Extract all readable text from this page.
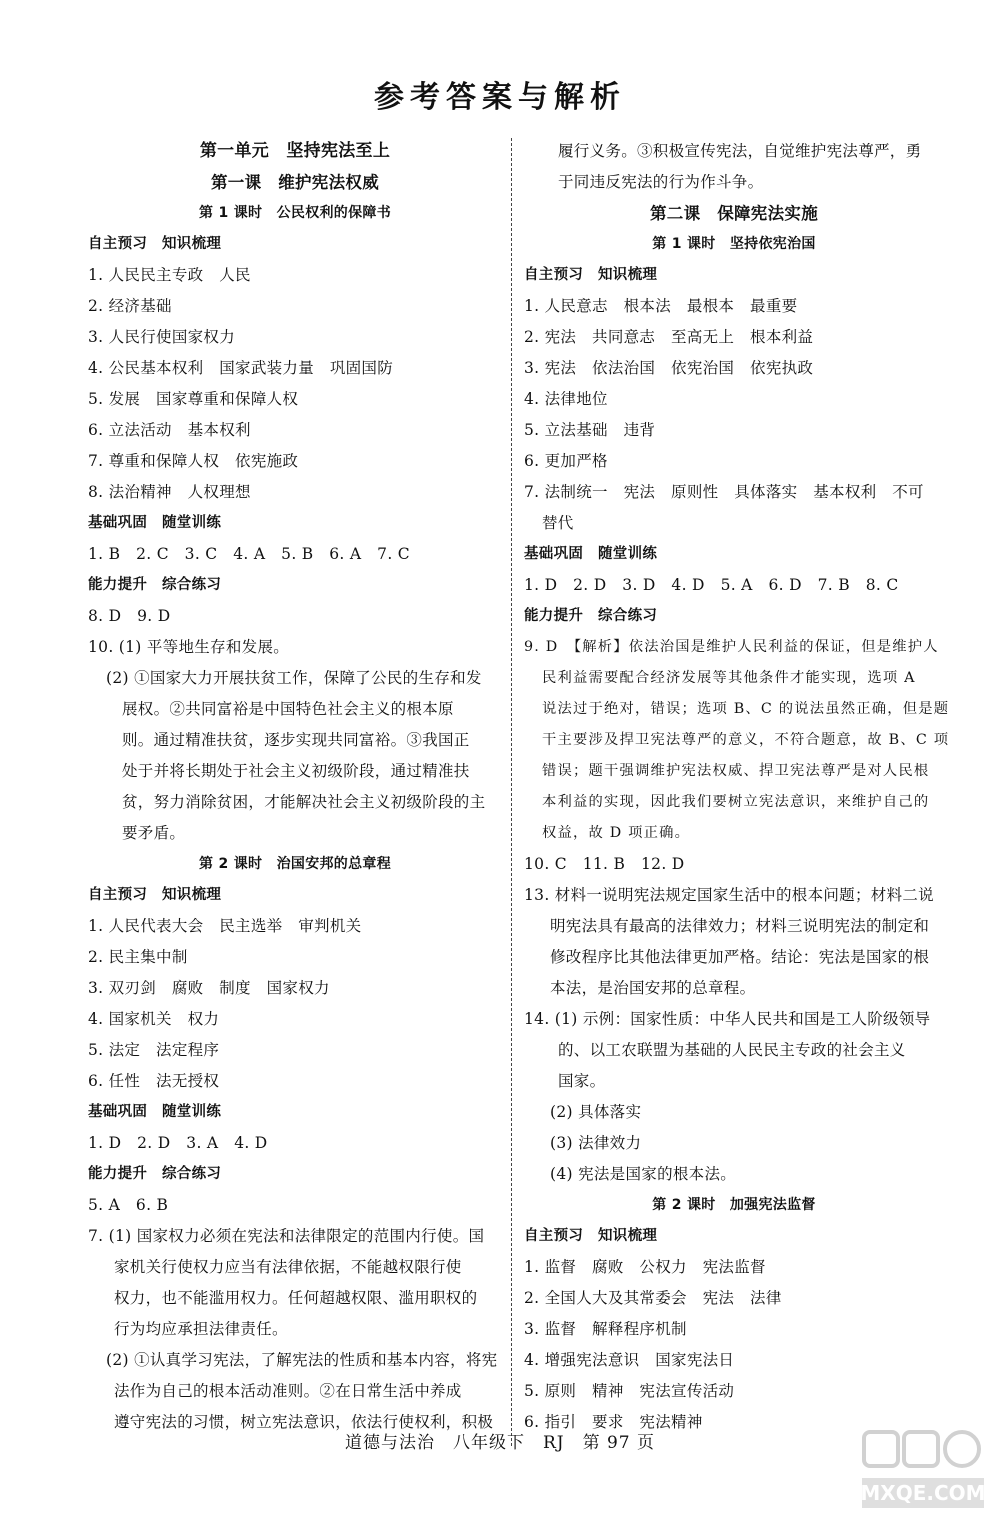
参考答案与解析
第一单元　坚持宪法至上
第一课　维护宪法权威
第 1 课时　公民权利的保障书
自主预习　知识梳理
1. 人民民主专政　人民
2. 经济基础
3. 人民行使国家权力
4. 公民基本权利　国家武装力量　巩固国防
5. 发展　国家尊重和保障人权
6. 立法活动　基本权利
7. 尊重和保障人权　依宪施政
8. 法治精神　人权理想
基础巩固　随堂训练
1. B　2. C　3. C　4. A　5. B　6. A　7. C
能力提升　综合练习
8. D　9. D
10. (1) 平等地生存和发展。
(2) ①国家大力开展扶贫工作，保障了公民的生存和发
展权。②共同富裕是中国特色社会主义的根本原
则。通过精准扶贫，逐步实现共同富裕。③我国正
处于并将长期处于社会主义初级阶段，通过精准扶
贫，努力消除贫困，才能解决社会主义初级阶段的主
要矛盾。
第 2 课时　治国安邦的总章程
自主预习　知识梳理
1. 人民代表大会　民主选举　审判机关
2. 民主集中制
3. 双刃剑　腐败　制度　国家权力
4. 国家机关　权力
5. 法定　法定程序
6. 任性　法无授权
基础巩固　随堂训练
1. D　2. D　3. A　4. D
能力提升　综合练习
5. A　6. B
7. (1) 国家权力必须在宪法和法律限定的范围内行使。国
家机关行使权力应当有法律依据，不能越权限行使
权力，也不能滥用权力。任何超越权限、滥用职权的
行为均应承担法律责任。
(2) ①认真学习宪法，了解宪法的性质和基本内容，将宪
法作为自己的根本活动准则。②在日常生活中养成
遵守宪法的习惯，树立宪法意识，依法行使权利，积极
履行义务。③积极宣传宪法，自觉维护宪法尊严，勇
于同违反宪法的行为作斗争。
第二课　保障宪法实施
第 1 课时　坚持依宪治国
自主预习　知识梳理
1. 人民意志　根本法　最根本　最重要
2. 宪法　共同意志　至高无上　根本利益
3. 宪法　依法治国　依宪治国　依宪执政
4. 法律地位
5. 立法基础　违背
6. 更加严格
7. 法制统一　宪法　原则性　具体落实　基本权利　不可
替代
基础巩固　随堂训练
1. D　2. D　3. D　4. D　5. A　6. D　7. B　8. C
能力提升　综合练习
9. D　【解析】依法治国是维护人民利益的保证，但是维护人
民利益需要配合经济发展等其他条件才能实现，选项 A
说法过于绝对，错误；选项 B、C 的说法虽然正确，但是题
干主要涉及捍卫宪法尊严的意义，不符合题意，故 B、C 项
错误；题干强调维护宪法权威、捍卫宪法尊严是对人民根
本利益的实现，因此我们要树立宪法意识，来维护自己的
权益，故 D 项正确。
10. C　11. B　12. D
13. 材料一说明宪法规定国家生活中的根本问题；材料二说
明宪法具有最高的法律效力；材料三说明宪法的制定和
修改程序比其他法律更加严格。结论：宪法是国家的根
本法，是治国安邦的总章程。
14. (1) 示例：国家性质：中华人民共和国是工人阶级领导
的、以工农联盟为基础的人民民主专政的社会主义
国家。
(2) 具体落实
(3) 法律效力
(4) 宪法是国家的根本法。
第 2 课时　加强宪法监督
自主预习　知识梳理
1. 监督　腐败　公权力　宪法监督
2. 全国人大及其常委会　宪法　法律
3. 监督　解释程序机制
4. 增强宪法意识　国家宪法日
5. 原则　精神　宪法宣传活动
6. 指引　要求　宪法精神
道德与法治　八年级下　RJ　第 97 页
MXQE.COM
